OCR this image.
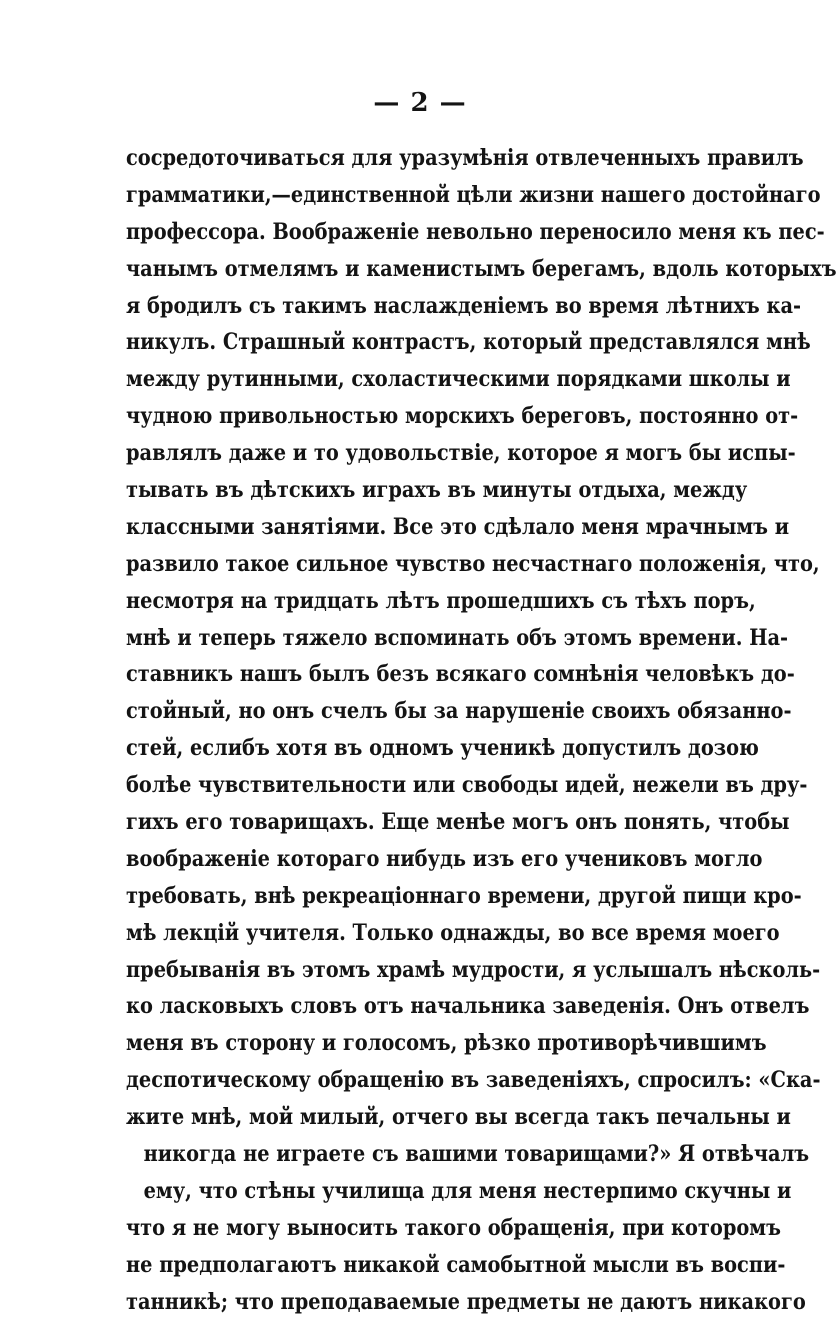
— 2 —
сосредоточиваться для уразумѣнія отвлеченныхъ правилъ
грамматики,—единственной цѣли жизни нашего достойнаго
профессора. Воображеніе невольно переносило меня къ пес-
чанымъ отмелямъ и каменистымъ берегамъ, вдоль которыхъ
я бродилъ съ такимъ наслажденіемъ во время лѣтнихъ ка-
никулъ. Страшный контрастъ, который представлялся мнѣ
между рутинными, схоластическими порядками школы и
чудною привольностью морскихъ береговъ, постоянно от-
равлялъ даже и то удовольствіе, которое я могъ бы испы-
тывать въ дѣтскихъ играхъ въ минуты отдыха, между
классными занятіями. Все это сдѣлало меня мрачнымъ и
развило такое сильное чувство несчастнаго положенія, что,
несмотря на тридцать лѣтъ прошедшихъ съ тѣхъ поръ,
мнѣ и теперь тяжело вспоминать объ этомъ времени. На-
ставникъ нашъ былъ безъ всякаго сомнѣнія человѣкъ до-
стойный, но онъ счелъ бы за нарушеніе своихъ обязанно-
стей, еслибъ хотя въ одномъ ученикѣ допустилъ дозою
болѣе чувствительности или свободы идей, нежели въ дру-
гихъ его товарищахъ. Еще менѣе могъ онъ понять, чтобы
воображеніе котораго нибудь изъ его учениковъ могло
требовать, внѣ рекреаціоннаго времени, другой пищи кро-
мѣ лекцій учителя. Только однажды, во все время моего
пребыванія въ этомъ храмѣ мудрости, я услышалъ нѣсколь-
ко ласковыхъ словъ отъ начальника заведенія. Онъ отвелъ
меня въ сторону и голосомъ, рѣзко противорѣчившимъ
деспотическому обращенію въ заведеніяхъ, спросилъ: «Ска-
жите мнѣ, мой милый, отчего вы всегда такъ печальны и
никогда не играете съ вашими товарищами?» Я отвѣчалъ
ему, что стѣны училища для меня нестерпимо скучны и
что я не могу выносить такого обращенія, при которомъ
не предполагаютъ никакой самобытной мысли въ воспи-
танникѣ; что преподаваемые предметы не даютъ никакого
